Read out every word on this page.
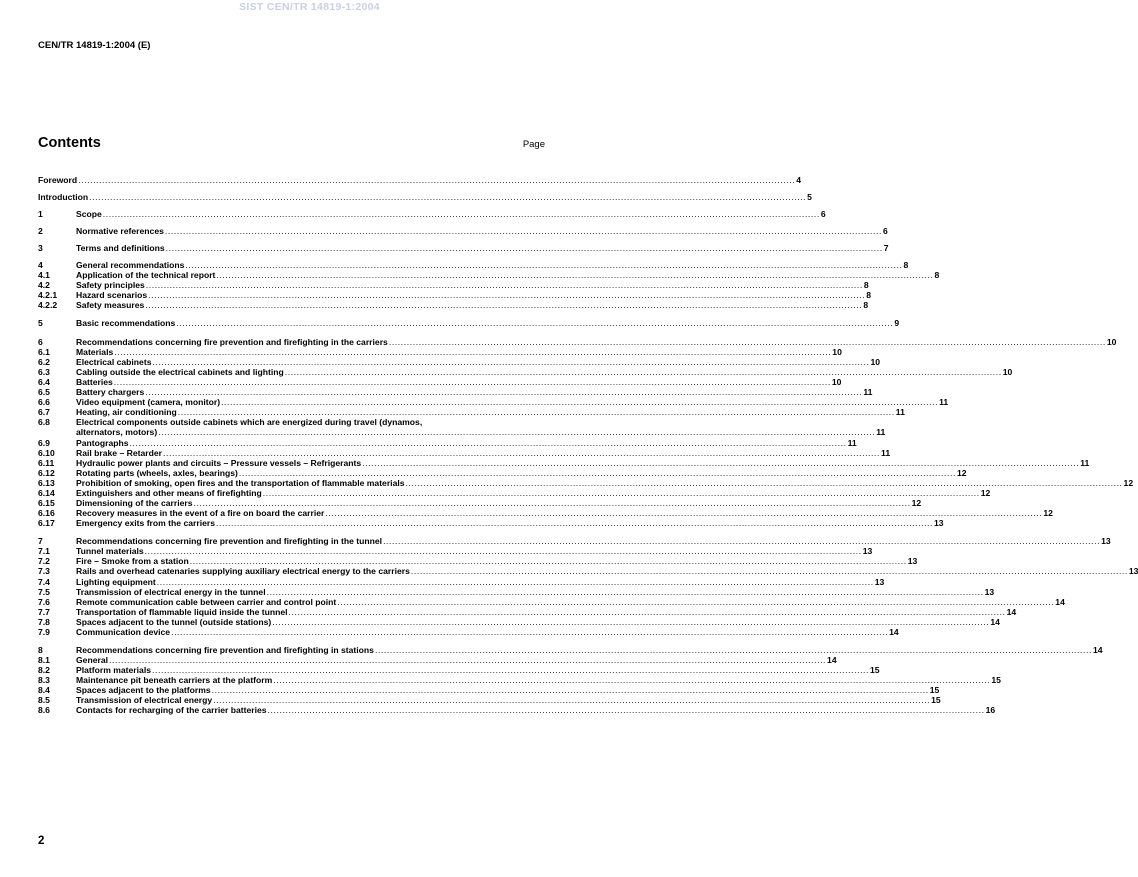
SIST CEN/TR 14819-1:2004
CEN/TR 14819-1:2004 (E)
Contents	Page
Foreword .....	4
Introduction .....	5
1	Scope .....	6
2	Normative references .....	6
3	Terms and definitions .....	7
4	General recommendations .....	8
4.1	Application of the technical report .....	8
4.2	Safety principles .....	8
4.2.1	Hazard scenarios .....	8
4.2.2	Safety measures .....	8
5	Basic recommendations .....	9
6	Recommendations concerning fire prevention and firefighting in the carriers .....	10
6.1	Materials .....	10
6.2	Electrical cabinets .....	10
6.3	Cabling outside the electrical cabinets and lighting .....	10
6.4	Batteries .....	10
6.5	Battery chargers .....	11
6.6	Video equipment (camera, monitor) .....	11
6.7	Heating, air conditioning .....	11
6.8	Electrical components outside cabinets which are energized during travel (dynamos,
alternators, motors) .....	11
6.9	Pantographs .....	11
6.10	Rail brake – Retarder .....	11
6.11	Hydraulic power plants and circuits – Pressure vessels – Refrigerants .....	11
6.12	Rotating parts (wheels, axles, bearings) .....	12
6.13	Prohibition of smoking, open fires and the transportation of flammable materials .....	12
6.14	Extinguishers and other means of firefighting .....	12
6.15	Dimensioning of the carriers .....	12
6.16	Recovery measures in the event of a fire on board the carrier .....	12
6.17	Emergency exits from the carriers .....	13
7	Recommendations concerning fire prevention and firefighting in the tunnel .....	13
7.1	Tunnel materials .....	13
7.2	Fire – Smoke from a station .....	13
7.3	Rails and overhead catenaries supplying auxiliary electrical energy to the carriers .....	13
7.4	Lighting equipment .....	13
7.5	Transmission of electrical energy in the tunnel .....	13
7.6	Remote communication cable between carrier and control point .....	14
7.7	Transportation of flammable liquid inside the tunnel .....	14
7.8	Spaces adjacent to the tunnel (outside stations) .....	14
7.9	Communication device .....	14
8	Recommendations concerning fire prevention and firefighting in stations .....	14
8.1	General .....	14
8.2	Platform materials .....	15
8.3	Maintenance pit beneath carriers at the platform .....	15
8.4	Spaces adjacent to the platforms .....	15
8.5	Transmission of electrical energy .....	15
8.6	Contacts for recharging of the carrier batteries .....	16
2
